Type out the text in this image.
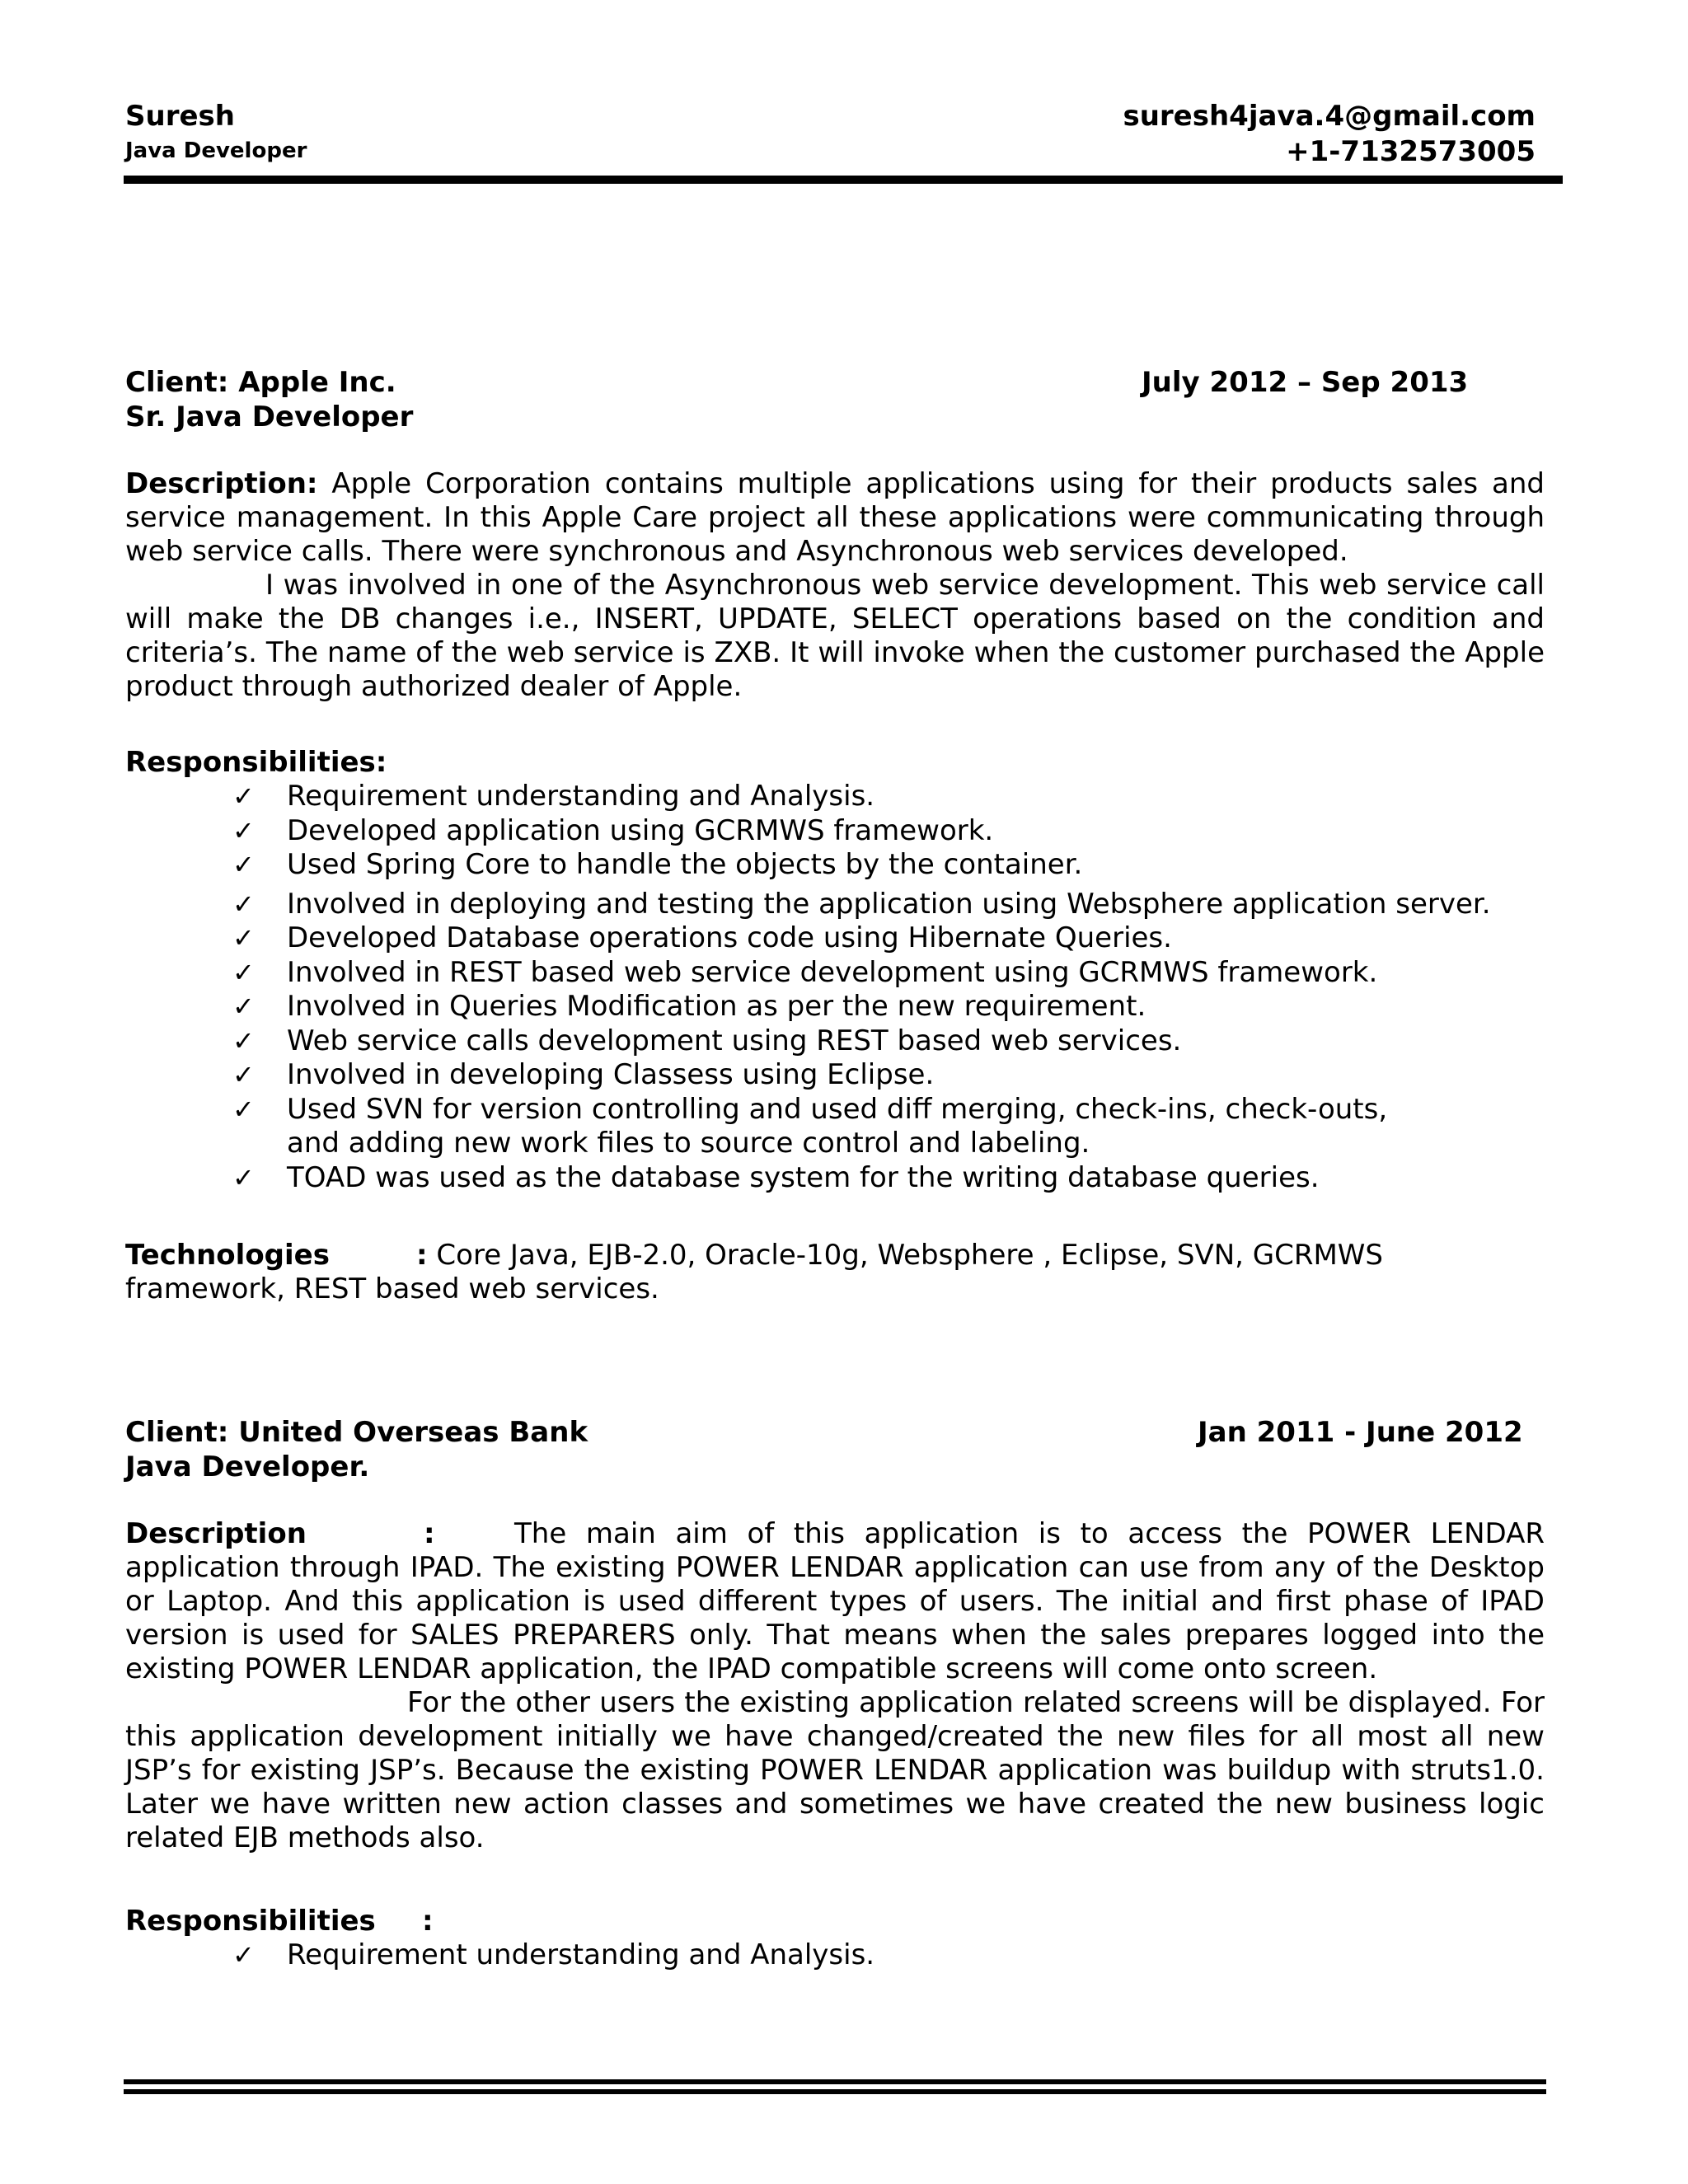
Suresh
Java Developer
suresh4java.4@gmail.com
+1-7132573005
Client: Apple Inc.	July 2012 – Sep 2013
Sr. Java Developer
Description: Apple Corporation contains multiple applications using for their products sales and service management. In this Apple Care project all these applications were communicating through web service calls. There were synchronous and Asynchronous web services developed.
I was involved in one of the Asynchronous web service development. This web service call will make the DB changes i.e., INSERT, UPDATE, SELECT operations based on the condition and criteria’s. The name of the web service is ZXB. It will invoke when the customer purchased the Apple product through authorized dealer of Apple.
Responsibilities:
✓ Requirement understanding and Analysis.
✓ Developed application using GCRMWS framework.
✓ Used Spring Core to handle the objects by the container.
✓ Involved in deploying and testing the application using Websphere application server.
✓ Developed Database operations code using Hibernate Queries.
✓ Involved in REST based web service development using GCRMWS framework.
✓ Involved in Queries Modification as per the new requirement.
✓ Web service calls development using REST based web services.
✓ Involved in developing Classess using Eclipse.
✓ Used SVN for version controlling and used diff merging, check-ins, check-outs, and adding new work files to source control and labeling.
✓ TOAD was used as the database system for the writing database queries.
Technologies	: Core Java, EJB-2.0, Oracle-10g, Websphere , Eclipse, SVN, GCRMWS framework, REST based web services.
Client: United Overseas Bank	Jan 2011 - June 2012
Java Developer.
Description	:	The main aim of this application is to access the POWER LENDAR application through IPAD. The existing POWER LENDAR application can use from any of the Desktop or Laptop. And this application is used different types of users. The initial and first phase of IPAD version is used for SALES PREPARERS only. That means when the sales prepares logged into the existing POWER LENDAR application, the IPAD compatible screens will come onto screen.
For the other users the existing application related screens will be displayed. For this application development initially we have changed/created the new files for all most all new JSP’s for existing JSP’s. Because the existing POWER LENDAR application was buildup with struts1.0. Later we have written new action classes and sometimes we have created the new business logic related EJB methods also.
Responsibilities :
✓ Requirement understanding and Analysis.
